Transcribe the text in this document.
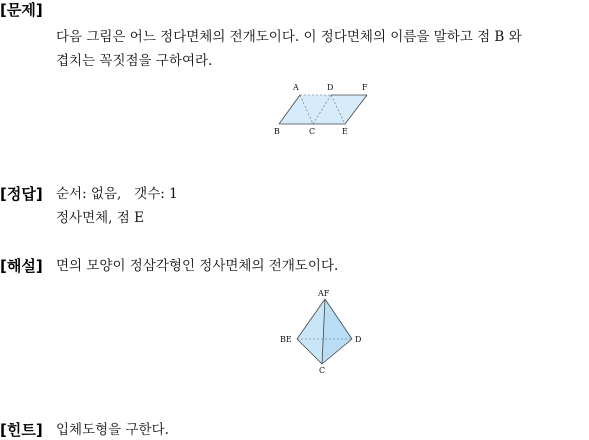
[문제]
다음 그림은 어느 정다면체의 전개도이다. 이 정다면체의 이름을 말하고 점 B 와
겹치는 꼭짓점을 구하여라.
A	D	F
B	C	E
[정답] 순서: 없음,   갯수: 1
정사면체, 점 E
[해설] 면의 모양이 정삼각형인 정사면체의 전개도이다.
AF
BE	D
C
[힌트] 입체도형을 구한다.
